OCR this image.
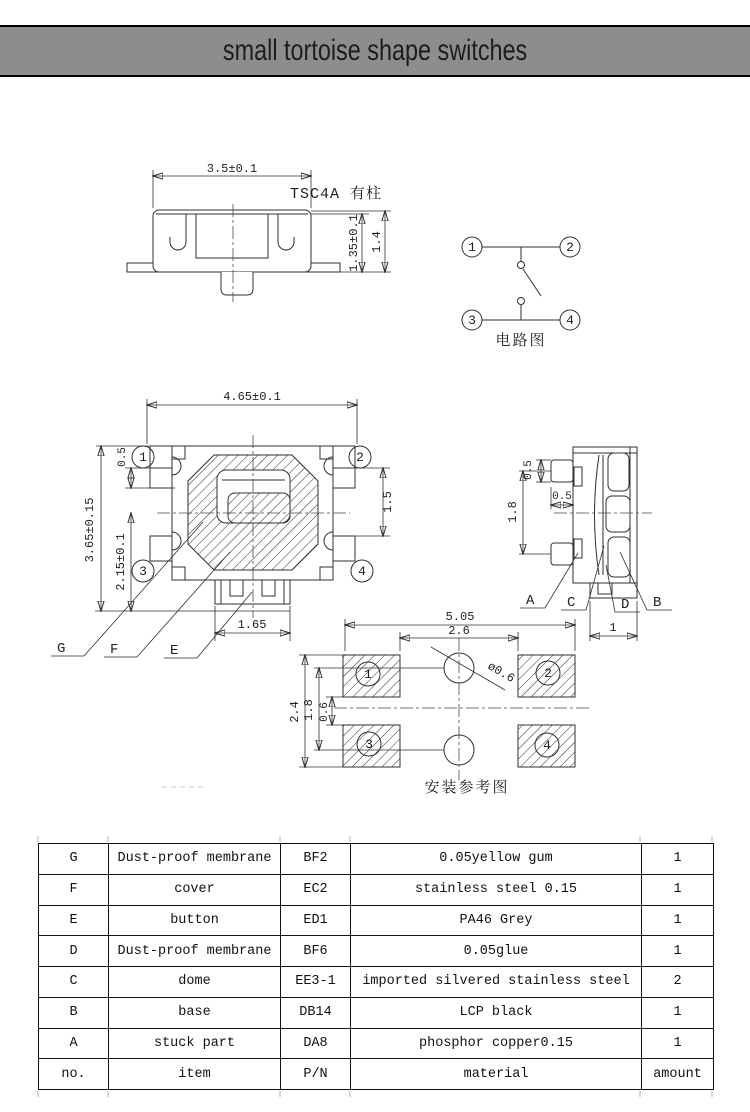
small tortoise shape switches
3.5±0.1
TSC4A 有柱
1.35±0.1 1.4	1	2
3	4
电路图
4.65±0.1
0.5
3.65±0.15 2.15±0.1
1.5
1.65
1	2
3	4
G	F	E
0.5
1.8
0.5
1
A C	D B
5.05
2.6
ø0.6
2.4 1.8 0.6
1	2
3	4
安装参考图
G	Dust-proof membrane	BF2	0.05yellow gum	1
F	cover	EC2	stainless steel 0.15	1
E	button	ED1	PA46 Grey	1
D	Dust-proof membrane	BF6	0.05glue	1
C	dome	EE3-1	imported silvered stainless steel	2
B	base	DB14	LCP black	1
A	stuck part	DA8	phosphor copper0.15	1
no.	item	P/N	material	amount
